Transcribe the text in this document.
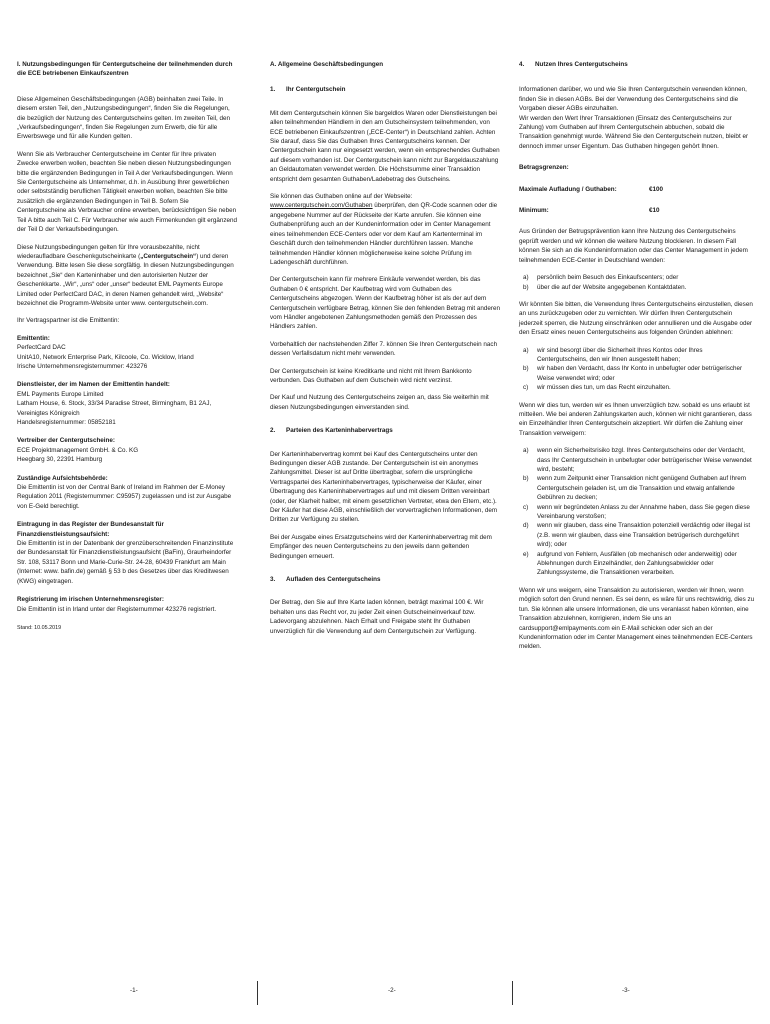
I. Nutzungsbedingungen für Centergutscheine der teilnehmenden durch die ECE betriebenen Einkaufszentren

Diese Allgemeinen Geschäftsbedingungen (AGB) beinhalten zwei Teile. In diesem ersten Teil, den „Nutzungsbedingungen“, finden Sie die Regelungen, die bezüglich der Nutzung des Centergutscheins gelten. Im zweiten Teil, den „Verkaufsbedingungen“, finden Sie Regelungen zum Erwerb, die für alle Erwerbswege und für alle Kunden gelten.

Wenn Sie als Verbraucher Centergutscheine im Center für Ihre privaten Zwecke erwerben wollen, beachten Sie neben diesen Nutzungsbedingungen bitte die ergänzenden Bedingungen in Teil A der Verkaufsbedingungen. Wenn Sie Centergutscheine als Unternehmer, d.h. in Ausübung Ihrer gewerblichen oder selbstständig beruflichen Tätigkeit erwerben wollen, beachten Sie bitte zusätzlich die ergänzenden Bedingungen in Teil B. Sofern Sie Centergutscheine als Verbraucher online erwerben, berücksichtigen Sie neben Teil A bitte auch Teil C. Für Verbraucher wie auch Firmenkunden gilt ergänzend der Teil D der Verkaufsbedingungen.

Diese Nutzungsbedingungen gelten für Ihre vorausbezahlte, nicht wiederaufladbare Geschenkgutscheinkarte („Centergutschein“) und deren Verwendung. Bitte lesen Sie diese sorgfältig. In diesen Nutzungsbedingungen bezeichnet „Sie“ den Karteninhaber und den autorisierten Nutzer der Geschenkkarte. „Wir“, „uns“ oder „unser“ bedeutet EML Payments Europe Limited oder PerfectCard DAC, in deren Namen gehandelt wird, „Website“ bezeichnet die Programm-Website unter www. centergutschein.com.

Ihr Vertragspartner ist die Emittentin:

Emittentin:
PerfectCard DAC
UnitA10, Network Enterprise Park, Kilcoole, Co. Wicklow, Irland
Irische Unternehmensregisternummer: 423276
Dienstleister, der im Namen der Emittentin handelt:
EML Payments Europe Limited
Latham House, 6. Stock, 33/34 Paradise Street, Birmingham, B1 2AJ, Vereinigtes Königreich
Handelsregisternummer: 05852181
Vertreiber der Centergutscheine:
ECE Projektmanagement GmbH. & Co. KG
Heegbarg 30, 22391 Hamburg
Zuständige Aufsichtsbehörde:
Die Emittentin ist von der Central Bank of Ireland im Rahmen der E-Money Regulation 2011 (Registernummer: C95957) zugelassen und ist zur Ausgabe von E-Geld berechtigt.
Eintragung in das Register der Bundesanstalt für Finanzdienstleistungsaufsicht:
Die Emittentin ist in der Datenbank der grenzüberschreitenden Finanzinstitute der Bundesanstalt für Finanzdienstleistungsaufsicht (BaFin), Graurheindorfer Str. 108, 53117 Bonn und Marie-Curie-Str. 24-28, 60439 Frankfurt am Main (Internet: www. bafin.de) gemäß § 53 b des Gesetzes über das Kreditwesen (KWG) eingetragen.
Registrierung im irischen Unternehmensregister:
Die Emittentin ist in Irland unter der Registernummer 423276 registriert.
Stand: 10.05.2019
A. Allgemeine Geschäftsbedingungen
1. Ihr Centergutschein

Mit dem Centergutschein können Sie bargeldlos Waren oder Dienstleistungen bei allen teilnehmenden Händlern in den am Gutscheinsystem teilnehmenden, von ECE betriebenen Einkaufszentren („ECE-Center“) in Deutschland zahlen. Achten Sie darauf, dass Sie das Guthaben Ihres Centergutscheins kennen. Der Centergutschein kann nur eingesetzt werden, wenn ein entsprechendes Guthaben auf diesem vorhanden ist. Der Centergutschein kann nicht zur Bargeldauszahlung an Geldautomaten verwendet werden. Die Höchstsumme einer Transaktion entspricht dem gesamten Guthaben/Ladebetrag des Gutscheins.

Sie können das Guthaben online auf der Webseite: www.centergutschein.com/Guthaben überprüfen, den QR-Code scannen oder die angegebene Nummer auf der Rückseite der Karte anrufen. Sie können eine Guthabenprüfung auch an der Kundeninformation oder im Center Management eines teilnehmenden ECE-Centers oder vor dem Kauf am Kartenterminal im Geschäft durch den teilnehmenden Händler durchführen lassen. Manche teilnehmenden Händler können möglicherweise keine solche Prüfung im Ladengeschäft durchführen.

Der Centergutschein kann für mehrere Einkäufe verwendet werden, bis das Guthaben 0 € entspricht. Der Kaufbetrag wird vom Guthaben des Centergutscheins abgezogen. Wenn der Kaufbetrag höher ist als der auf dem Centergutschein verfügbare Betrag, können Sie den fehlenden Betrag mit anderen vom Händler angebotenen Zahlungsmethoden gemäß den Prozessen des Händlers zahlen.

Vorbehaltlich der nachstehenden Ziffer 7. können Sie Ihren Centergutschein nach dessen Verfallsdatum nicht mehr verwenden.

Der Centergutschein ist keine Kreditkarte und nicht mit Ihrem Bankkonto verbunden. Das Guthaben auf dem Gutschein wird nicht verzinst.

Der Kauf und Nutzung des Centergutscheins zeigen an, dass Sie weiterhin mit diesen Nutzungsbedingungen einverstanden sind.

2. Parteien des Karteninhabervertrags

Der Karteninhabervertrag kommt bei Kauf des Centergutscheins unter den Bedingungen dieser AGB zustande. Der Centergutschein ist ein anonymes Zahlungsmittel. Dieser ist auf Dritte übertragbar, sofern die ursprüngliche Vertragspartei des Karteninhabervertrages, typischerweise der Käufer, einer Übertragung des Karteninhabervertrages auf und mit diesem Dritten vereinbart (oder, der Klarheit halber, mit einem gesetzlichen Vertreter, etwa den Eltern, etc.). Der Käufer hat diese AGB, einschließlich der vorvertraglichen Informationen, dem Dritten zur Verfügung zu stellen.

Bei der Ausgabe eines Ersatzgutscheins wird der Karteninhabervertrag mit dem Empfänger des neuen Centergutscheins zu den jeweils dann geltenden Bedingungen erneuert.

3. Aufladen des Centergutscheins

Der Betrag, den Sie auf Ihre Karte laden können, beträgt maximal 100 €. Wir behalten uns das Recht vor, zu jeder Zeit einen Gutscheineinverkauf bzw. Ladevorgang abzulehnen. Nach Erhalt und Freigabe steht Ihr Guthaben unverzüglich für die Verwendung auf dem Centergutschein zur Verfügung.

4. Nutzen Ihres Centergutscheins

Informationen darüber, wo und wie Sie Ihren Centergutschein verwenden können, finden Sie in diesen AGBs. Bei der Verwendung des Centergutscheins sind die Vorgaben dieser AGBs einzuhalten.
Wir werden den Wert Ihrer Transaktionen (Einsatz des Centergutscheins zur Zahlung) vom Guthaben auf Ihrem Centergutschein abbuchen, sobald die Transaktion genehmigt wurde. Während Sie den Centergutschein nutzen, bleibt er dennoch immer unser Eigentum. Das Guthaben hingegen gehört Ihnen.

Betragsgrenzen:
Maximale Aufladung / Guthaben:	€100
Minimum:	€10

Aus Gründen der Betrugsprävention kann Ihre Nutzung des Centergutscheins geprüft werden und wir können die weitere Nutzung blockieren. In diesem Fall können Sie sich an die Kundeninformation oder das Center Management in jedem teilnehmenden ECE-Center in Deutschland wenden:

a) persönlich beim Besuch des Einkaufscenters; oder
b) über die auf der Website angegebenen Kontaktdaten.

Wir könnten Sie bitten, die Verwendung Ihres Centergutscheins einzustellen, diesen an uns zurückzugeben oder zu vernichten. Wir dürfen Ihren Centergutschein jederzeit sperren, die Nutzung einschränken oder annullieren und die Ausgabe oder den Ersatz eines neuen Centergutscheins aus folgenden Gründen ablehnen:

a) wir sind besorgt über die Sicherheit Ihres Kontos oder Ihres Centergutscheins, den wir Ihnen ausgestellt haben;
b) wir haben den Verdacht, dass Ihr Konto in unbefugter oder betrügerischer Weise verwendet wird; oder
c) wir müssen dies tun, um das Recht einzuhalten.

Wenn wir dies tun, werden wir es Ihnen unverzüglich bzw. sobald es uns erlaubt ist mitteilen. Wie bei anderen Zahlungskarten auch, können wir nicht garantieren, dass ein Einzelhändler Ihren Centergutschein akzeptiert. Wir dürfen die Zahlung einer Transaktion verweigern:

a) wenn ein Sicherheitsrisiko bzgl. Ihres Centergutscheins oder der Verdacht, dass Ihr Centergutschein in unbefugter oder betrügerischer Weise verwendet wird, besteht;
b) wenn zum Zeitpunkt einer Transaktion nicht genügend Guthaben auf Ihrem Centergutschein geladen ist, um die Transaktion und etwaig anfallende Gebühren zu decken;
c) wenn wir begründeten Anlass zu der Annahme haben, dass Sie gegen diese Vereinbarung verstoßen;
d) wenn wir glauben, dass eine Transaktion potenziell verdächtig oder illegal ist (z.B. wenn wir glauben, dass eine Transaktion betrügerisch durchgeführt wird); oder
e) aufgrund von Fehlern, Ausfällen (ob mechanisch oder anderweitig) oder Ablehnungen durch Einzelhändler, den Zahlungsabwickler oder Zahlungssysteme, die Transaktionen verarbeiten.

Wenn wir uns weigern, eine Transaktion zu autorisieren, werden wir Ihnen, wenn möglich sofort den Grund nennen. Es sei denn, es wäre für uns rechtswidrig, dies zu tun. Sie können alle unsere Informationen, die uns veranlasst haben könnten, eine Transaktion abzulehnen, korrigieren, indem Sie uns an cardsupport@emlpayments.com ein E-Mail schicken oder sich an der Kundeninformation oder im Center Management eines teilnehmenden ECE-Centers melden.

-1-	-2-	-3-
